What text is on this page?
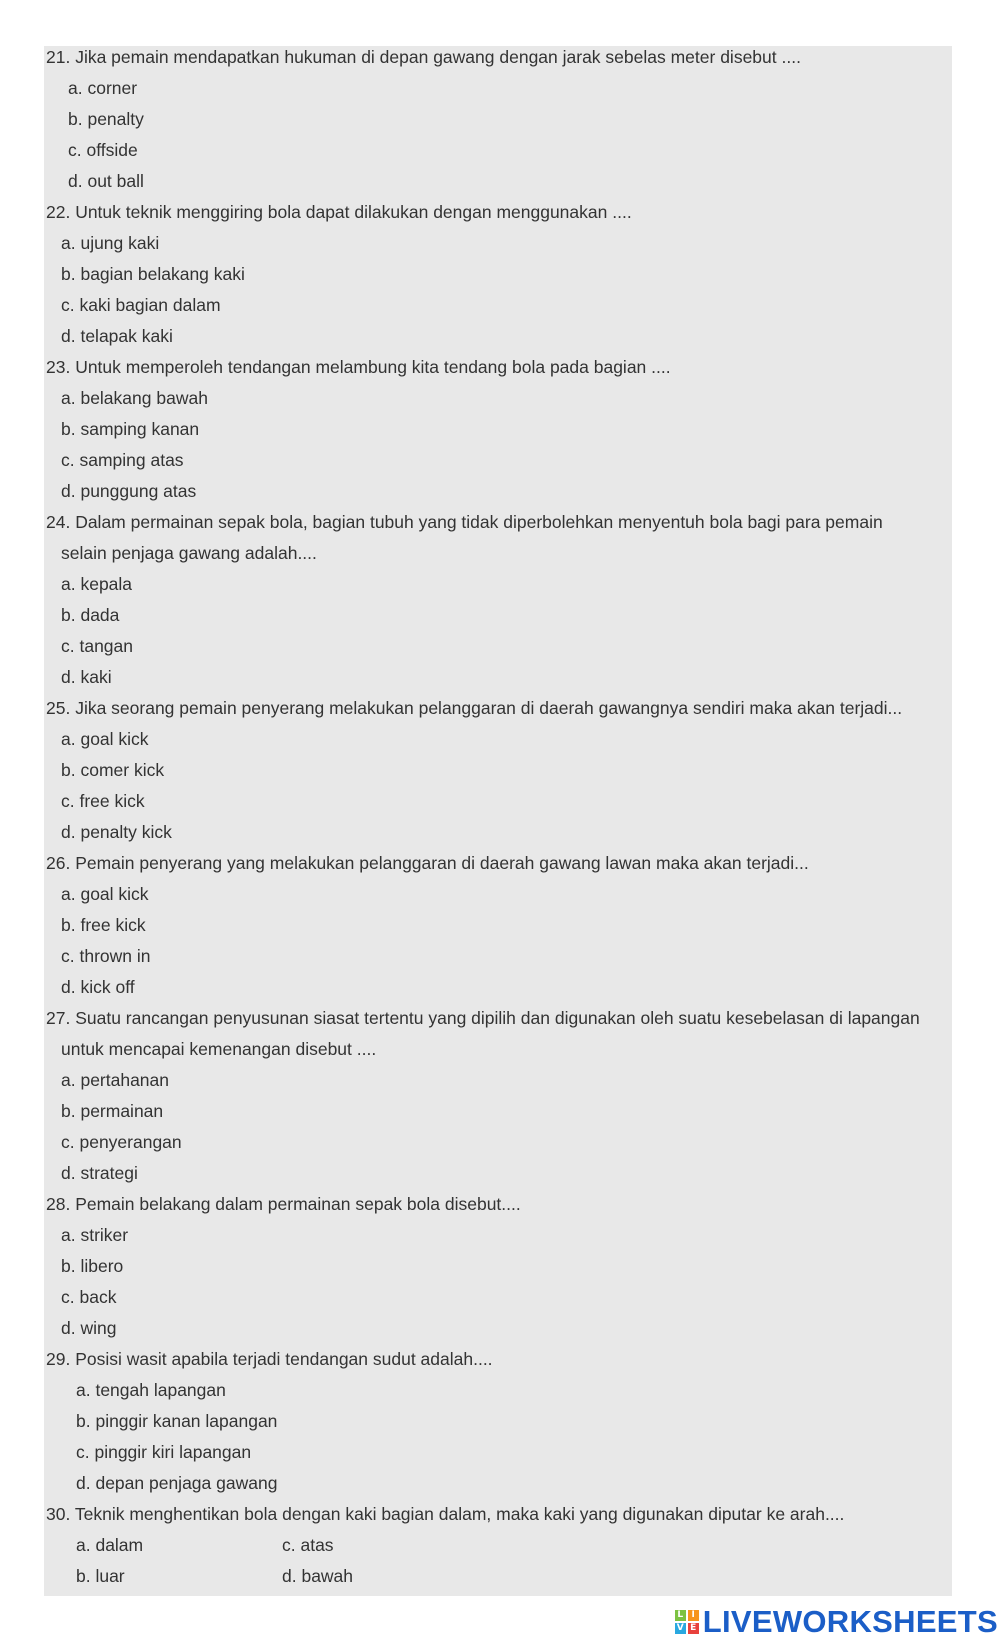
21. Jika pemain mendapatkan hukuman di depan gawang dengan jarak sebelas meter disebut ....
a. corner
b. penalty
c. offside
d. out ball
22. Untuk teknik menggiring bola dapat dilakukan dengan menggunakan ....
a. ujung kaki
b. bagian belakang kaki
c. kaki bagian dalam
d. telapak kaki
23. Untuk memperoleh tendangan melambung kita tendang bola pada bagian ....
a. belakang bawah
b. samping kanan
c. samping atas
d. punggung atas
24. Dalam permainan sepak bola, bagian tubuh yang tidak diperbolehkan menyentuh bola bagi para pemain
selain penjaga gawang adalah....
a. kepala
b. dada
c. tangan
d. kaki
25. Jika seorang pemain penyerang melakukan pelanggaran di daerah gawangnya sendiri maka akan terjadi...
a. goal kick
b. comer kick
c. free kick
d. penalty kick
26. Pemain penyerang yang melakukan pelanggaran di daerah gawang lawan maka akan terjadi...
a. goal kick
b. free kick
c. thrown in
d. kick off
27. Suatu rancangan penyusunan siasat tertentu yang dipilih dan digunakan oleh suatu kesebelasan di lapangan
untuk mencapai kemenangan disebut ....
a. pertahanan
b. permainan
c. penyerangan
d. strategi
28. Pemain belakang dalam permainan sepak bola disebut....
a. striker
b. libero
c. back
d. wing
29. Posisi wasit apabila terjadi tendangan sudut adalah....
a. tengah lapangan
b. pinggir kanan lapangan
c. pinggir kiri lapangan
d. depan penjaga gawang
30. Teknik menghentikan bola dengan kaki bagian dalam, maka kaki yang digunakan diputar ke arah....
a. dalam	c. atas
b. luar	d. bawah
L I
V E LIVEWORKSHEETS
